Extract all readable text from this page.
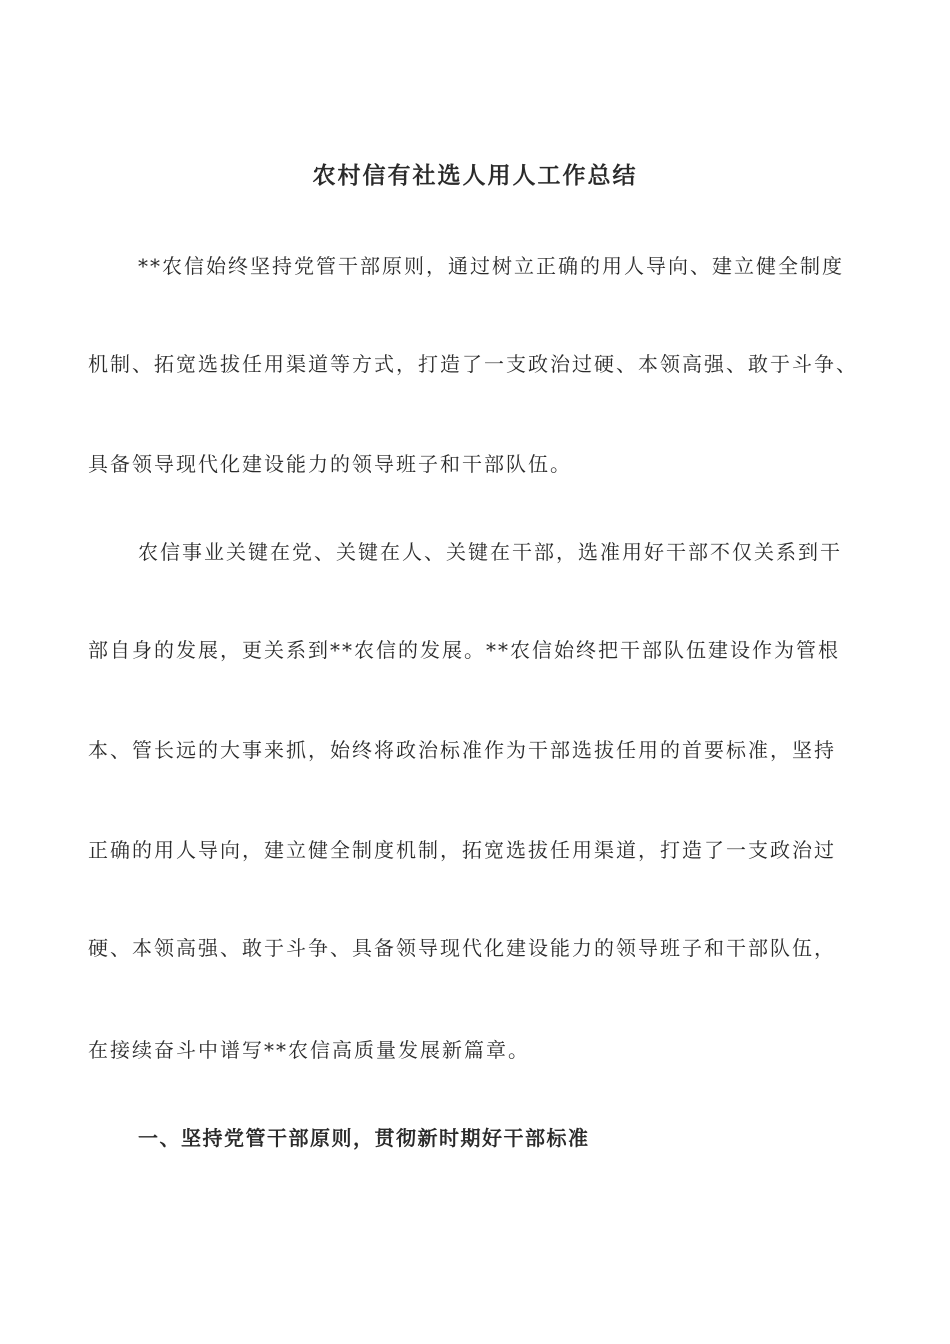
农村信有社选人用人工作总结
**农信始终坚持党管干部原则，通过树立正确的用人导向、建立健全制度
机制、拓宽选拔任用渠道等方式，打造了一支政治过硬、本领高强、敢于斗争、
具备领导现代化建设能力的领导班子和干部队伍。
农信事业关键在党、关键在人、关键在干部，选准用好干部不仅关系到干
部自身的发展，更关系到**农信的发展。**农信始终把干部队伍建设作为管根
本、管长远的大事来抓，始终将政治标准作为干部选拔任用的首要标准，坚持
正确的用人导向，建立健全制度机制，拓宽选拔任用渠道，打造了一支政治过
硬、本领高强、敢于斗争、具备领导现代化建设能力的领导班子和干部队伍，
在接续奋斗中谱写**农信高质量发展新篇章。
一、坚持党管干部原则，贯彻新时期好干部标准
